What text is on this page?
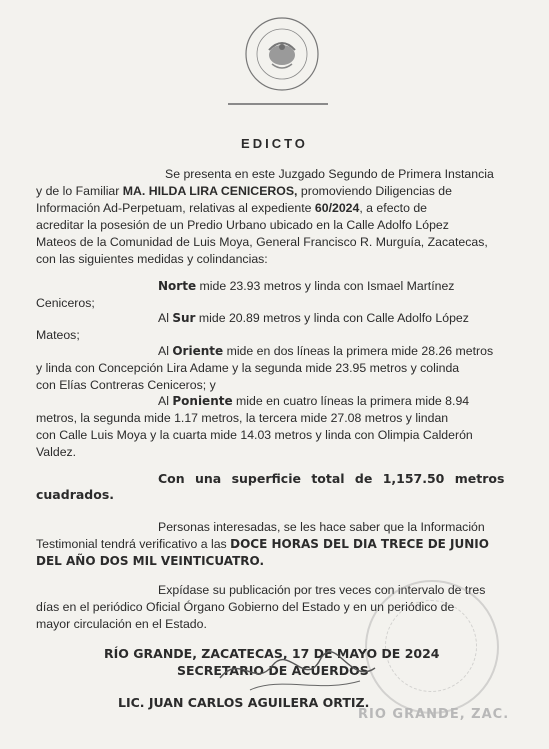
EDICTO
Se presenta en este Juzgado Segundo de Primera Instancia
y de lo Familiar MA. HILDA LIRA CENICEROS, promoviendo Diligencias de
Información Ad-Perpetuam, relativas al expediente 60/2024, a efecto de
acreditar la posesión de un Predio Urbano ubicado en la Calle Adolfo López
Mateos de la Comunidad de Luis Moya, General Francisco R. Murguía, Zacatecas,
con las siguientes medidas y colindancias:
Norte mide 23.93 metros y linda con Ismael Martínez
Ceniceros;
Al Sur mide 20.89 metros y linda con Calle Adolfo López
Mateos;
Al Oriente mide en dos líneas la primera mide 28.26 metros
y linda con Concepción Lira Adame y la segunda mide 23.95 metros y colinda
con Elías Contreras Ceniceros; y
Al Poniente mide en cuatro líneas la primera mide 8.94
metros, la segunda mide 1.17 metros, la tercera mide 27.08 metros y lindan
con Calle Luis Moya y la cuarta mide 14.03 metros y linda con Olimpia Calderón
Valdez.
Con una superficie total de 1,157.50 metros
cuadrados.
Personas interesadas, se les hace saber que la Información
Testimonial tendrá verificativo a las DOCE HORAS DEL DIA TRECE DE JUNIO
DEL AÑO DOS MIL VEINTICUATRO.
Expídase su publicación por tres veces con intervalo de tres
días en el periódico Oficial Órgano Gobierno del Estado y en un periódico de
mayor circulación en el Estado.
RÍO GRANDE, ZACATECAS, 17 DE MAYO DE 2024
SECRETARIO DE ACUERDOS
LIC. JUAN CARLOS AGUILERA ORTIZ.
RIO GRANDE, ZAC.
